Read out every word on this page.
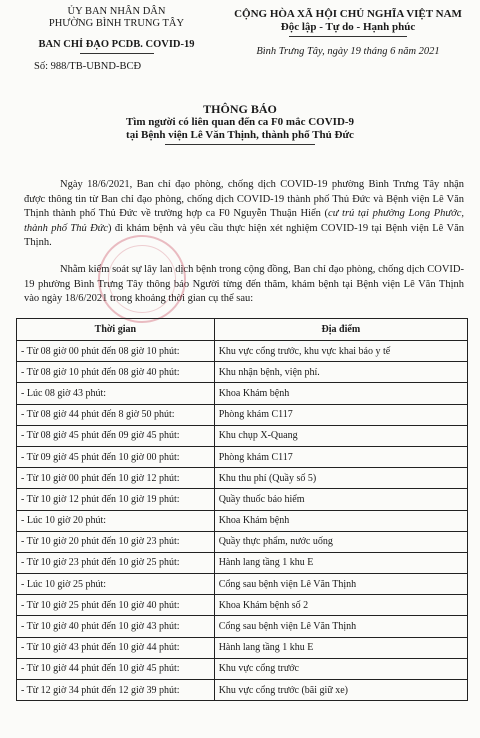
ỦY BAN NHÂN DÂN
PHƯỜNG BÌNH TRUNG TÂY
BAN CHỈ ĐẠO PCDB. COVID-19
Số: 988/TB-UBND-BCĐ
CỘNG HÒA XÃ HỘI CHỦ NGHĨA VIỆT NAM
Độc lập - Tự do - Hạnh phúc
Bình Trưng Tây, ngày 19 tháng 6 năm 2021
THÔNG BÁO
Tìm người có liên quan đến ca F0 mắc COVID-9
tại Bệnh viện Lê Văn Thịnh, thành phố Thủ Đức
Ngày 18/6/2021, Ban chỉ đạo phòng, chống dịch COVID-19 phường Bình Trưng Tây nhận được thông tin từ Ban chỉ đạo phòng, chống dịch COVID-19 thành phố Thủ Đức và Bệnh viện Lê Văn Thịnh thành phố Thủ Đức về trường hợp ca F0 Nguyễn Thuận Hiển (cư trú tại phường Long Phước, thành phố Thủ Đức) đi khám bệnh và yêu cầu thực hiện xét nghiệm COVID-19 tại Bệnh viện Lê Văn Thịnh.
Nhằm kiểm soát sự lây lan dịch bệnh trong cộng đồng, Ban chỉ đạo phòng, chống dịch COVID-19 phường Bình Trưng Tây thông báo Người từng đến thăm, khám bệnh tại Bệnh viện Lê Văn Thịnh vào ngày 18/6/2021 trong khoảng thời gian cụ thể sau:
Thời gian	Địa điểm
- Từ 08 giờ 00 phút đến 08 giờ 10 phút:	Khu vực cổng trước, khu vực khai báo y tế
- Từ 08 giờ 10 phút đến 08 giờ 40 phút:	Khu nhận bệnh, viện phí.
- Lúc 08 giờ 43 phút:	Khoa Khám bệnh
- Từ 08 giờ 44 phút đến 8 giờ 50 phút:	Phòng khám C117
- Từ 08 giờ 45 phút đến 09 giờ 45 phút:	Khu chụp X-Quang
- Từ 09 giờ 45 phút đến 10 giờ 00 phút:	Phòng khám C117
- Từ 10 giờ 00 phút đến 10 giờ 12 phút:	Khu thu phí (Quầy số 5)
- Từ 10 giờ 12 phút đến 10 giờ 19 phút:	Quầy thuốc bảo hiểm
- Lúc 10 giờ 20 phút:	Khoa Khám bệnh
- Từ 10 giờ 20 phút đến 10 giờ 23 phút:	Quầy thực phẩm, nước uống
- Từ 10 giờ 23 phút đến 10 giờ 25 phút:	Hành lang tầng 1 khu E
- Lúc 10 giờ 25 phút:	Cổng sau bệnh viện Lê Văn Thịnh
- Từ 10 giờ 25 phút đến 10 giờ 40 phút:	Khoa Khám bệnh số 2
- Từ 10 giờ 40 phút đến 10 giờ 43 phút:	Cổng sau bệnh viện Lê Văn Thịnh
- Từ 10 giờ 43 phút đến 10 giờ 44 phút:	Hành lang tầng 1 khu E
- Từ 10 giờ 44 phút đến 10 giờ 45 phút:	Khu vực cổng trước
- Từ 12 giờ 34 phút đến 12 giờ 39 phút:	Khu vực cổng trước (bãi giữ xe)
